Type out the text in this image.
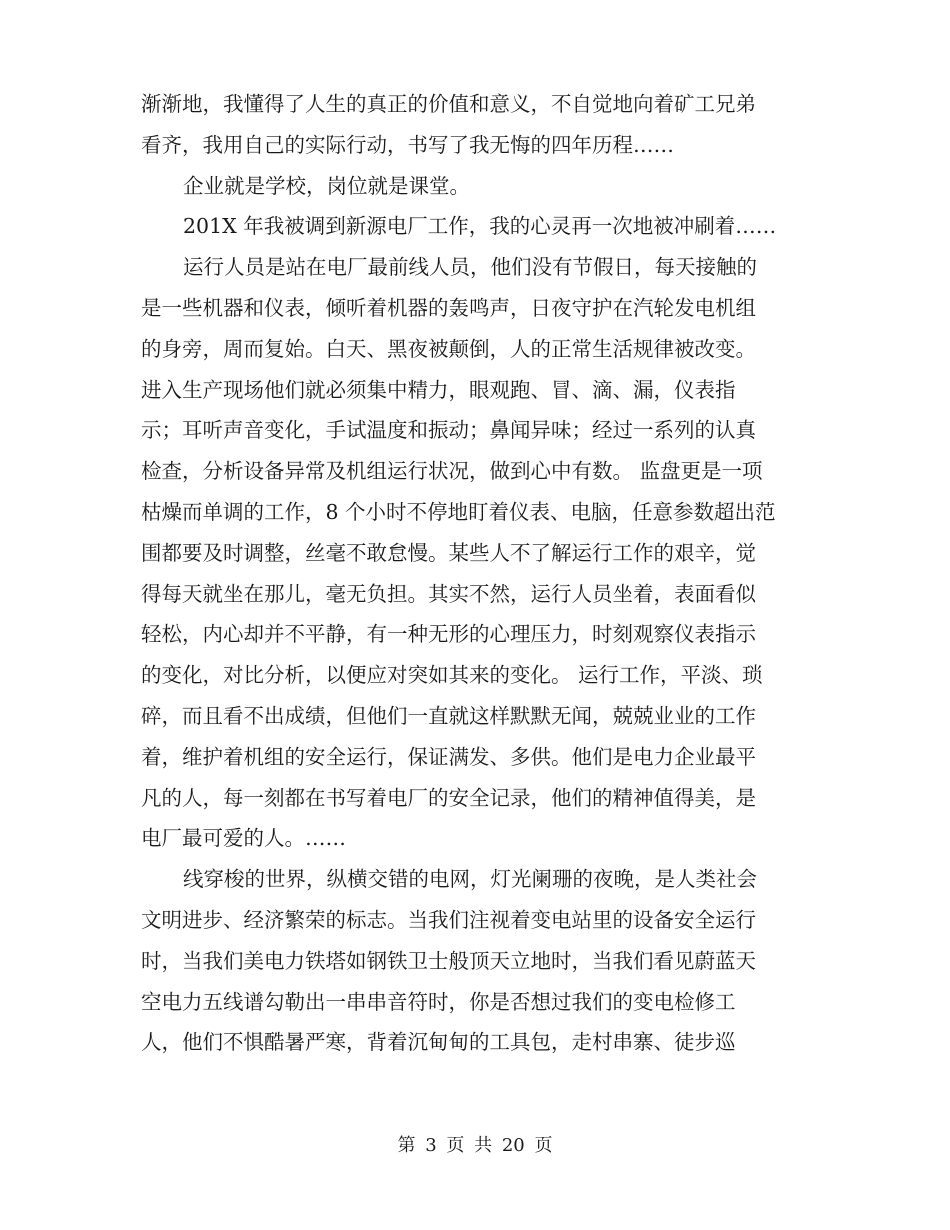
渐渐地，我懂得了人生的真正的价值和意义，不自觉地向着矿工兄弟
看齐，我用自己的实际行动，书写了我无悔的四年历程……
企业就是学校，岗位就是课堂。
201X 年我被调到新源电厂工作，我的心灵再一次地被冲刷着……
运行人员是站在电厂最前线人员，他们没有节假日，每天接触的
是一些机器和仪表，倾听着机器的轰鸣声，日夜守护在汽轮发电机组
的身旁，周而复始。白天、黑夜被颠倒，人的正常生活规律被改变。
进入生产现场他们就必须集中精力，眼观跑、冒、滴、漏，仪表指
示；耳听声音变化，手试温度和振动；鼻闻异味；经过一系列的认真
检查，分析设备异常及机组运行状况，做到心中有数。 监盘更是一项
枯燥而单调的工作，8 个小时不停地盯着仪表、电脑，任意参数超出范
围都要及时调整，丝毫不敢怠慢。某些人不了解运行工作的艰辛，觉
得每天就坐在那儿，毫无负担。其实不然，运行人员坐着，表面看似
轻松，内心却并不平静，有一种无形的心理压力，时刻观察仪表指示
的变化，对比分析，以便应对突如其来的变化。 运行工作，平淡、琐
碎，而且看不出成绩，但他们一直就这样默默无闻，兢兢业业的工作
着，维护着机组的安全运行，保证满发、多供。他们是电力企业最平
凡的人，每一刻都在书写着电厂的安全记录，他们的精神值得美，是
电厂最可爱的人。……
线穿梭的世界，纵横交错的电网，灯光阑珊的夜晚，是人类社会
文明进步、经济繁荣的标志。当我们注视着变电站里的设备安全运行
时，当我们美电力铁塔如钢铁卫士般顶天立地时，当我们看见蔚蓝天
空电力五线谱勾勒出一串串音符时，你是否想过我们的变电检修工
人，他们不惧酷暑严寒，背着沉甸甸的工具包，走村串寨、徒步巡
第 3 页 共 20 页
